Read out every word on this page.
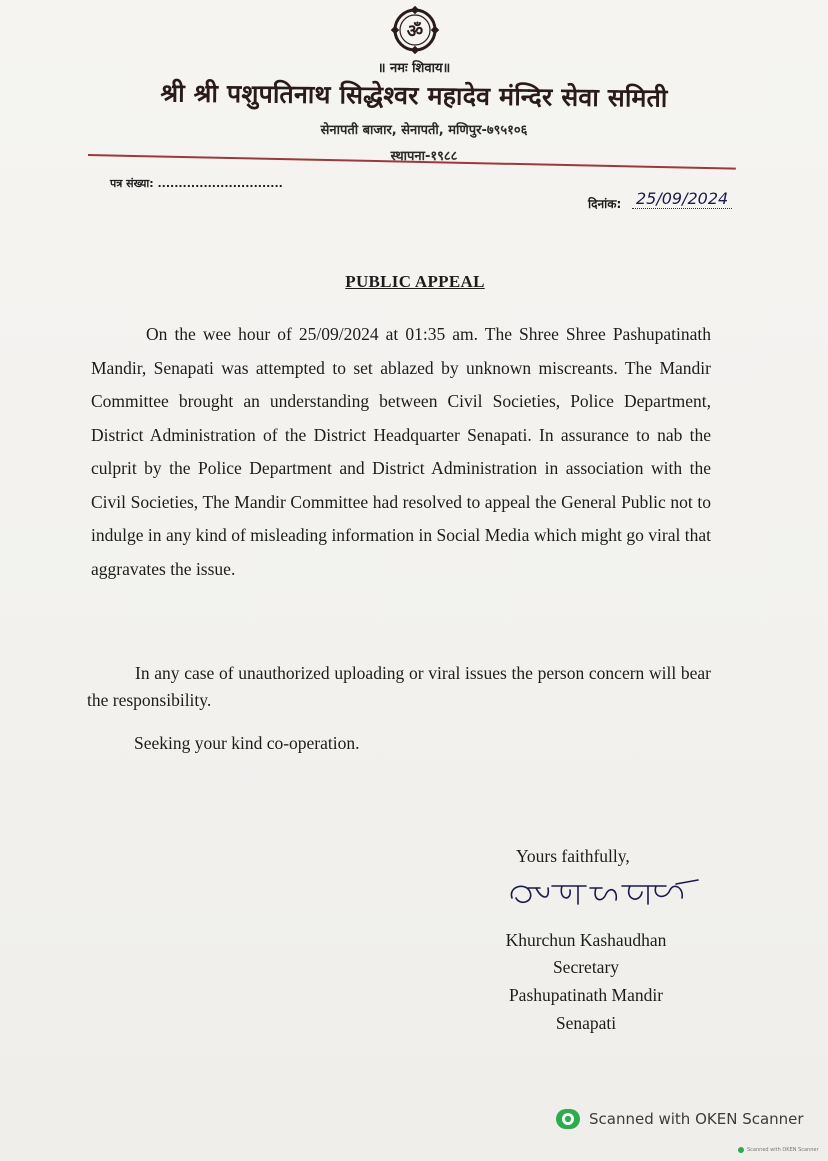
ॐ
॥ नमः शिवाय॥
श्री श्री पशुपतिनाथ सिद्धेश्वर महादेव मंन्दिर सेवा समिती
सेनापती बाजार, सेनापती, मणिपुर-७९५१०६
स्थापना-१९८८
पत्र संख्या: ..............................
दिनांक: 25/09/2024
PUBLIC APPEAL

On the wee hour of 25/09/2024 at 01:35 am. The Shree Shree Pashupatinath Mandir, Senapati was attempted to set ablazed by unknown miscreants. The Mandir Committee brought an understanding between Civil Societies, Police Department, District Administration of the District Headquarter Senapati. In assurance to nab the culprit by the Police Department and District Administration in association with the Civil Societies, The Mandir Committee had resolved to appeal the General Public not to indulge in any kind of misleading information in Social Media which might go viral that aggravates the issue.

In any case of unauthorized uploading or viral issues the person concern will bear the responsibility.

Seeking your kind co-operation.
Yours faithfully,
Khurchun Kashaudhan
Secretary
Pashupatinath Mandir
Senapati
Scanned with OKEN Scanner
Scanned with OKEN Scanner
